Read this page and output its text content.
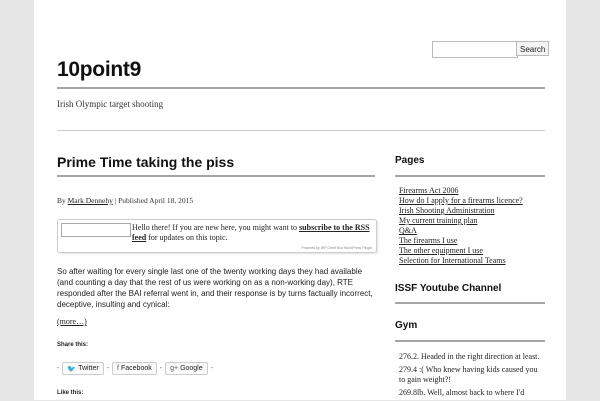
Search
10point9
Irish Olympic target shooting
Prime Time taking the piss
By Mark Dennehy | Published April 18, 2015
Hello there! If you are new here, you might want to subscribe to the RSS feed for updates on this topic.
Powered by WP Greet Box WordPress Plugin

So after waiting for every single last one of the twenty working days they had available (and counting a day that the rest of us were working on as a non-working day), RTE responded after the BAI referral went in, and their response is by turns factually incorrect, deceptive, insulting and cynical:

(more…)
Share this:
- 🐦 Twitter - f Facebook - g+ Google -
Like this:
Pages
Firearms Act 2006
How do I apply for a firearms licence?
Irish Shooting Administration
My current training plan
Q&A
The firearms I use
The other equipment I use
Selection for International Teams
ISSF Youtube Channel
Gym
276.2. Headed in the right direction at least.
279.4 :( Who knew having kids caused you to gain weight?!
269.8lb. Well, almost back to where I'd
